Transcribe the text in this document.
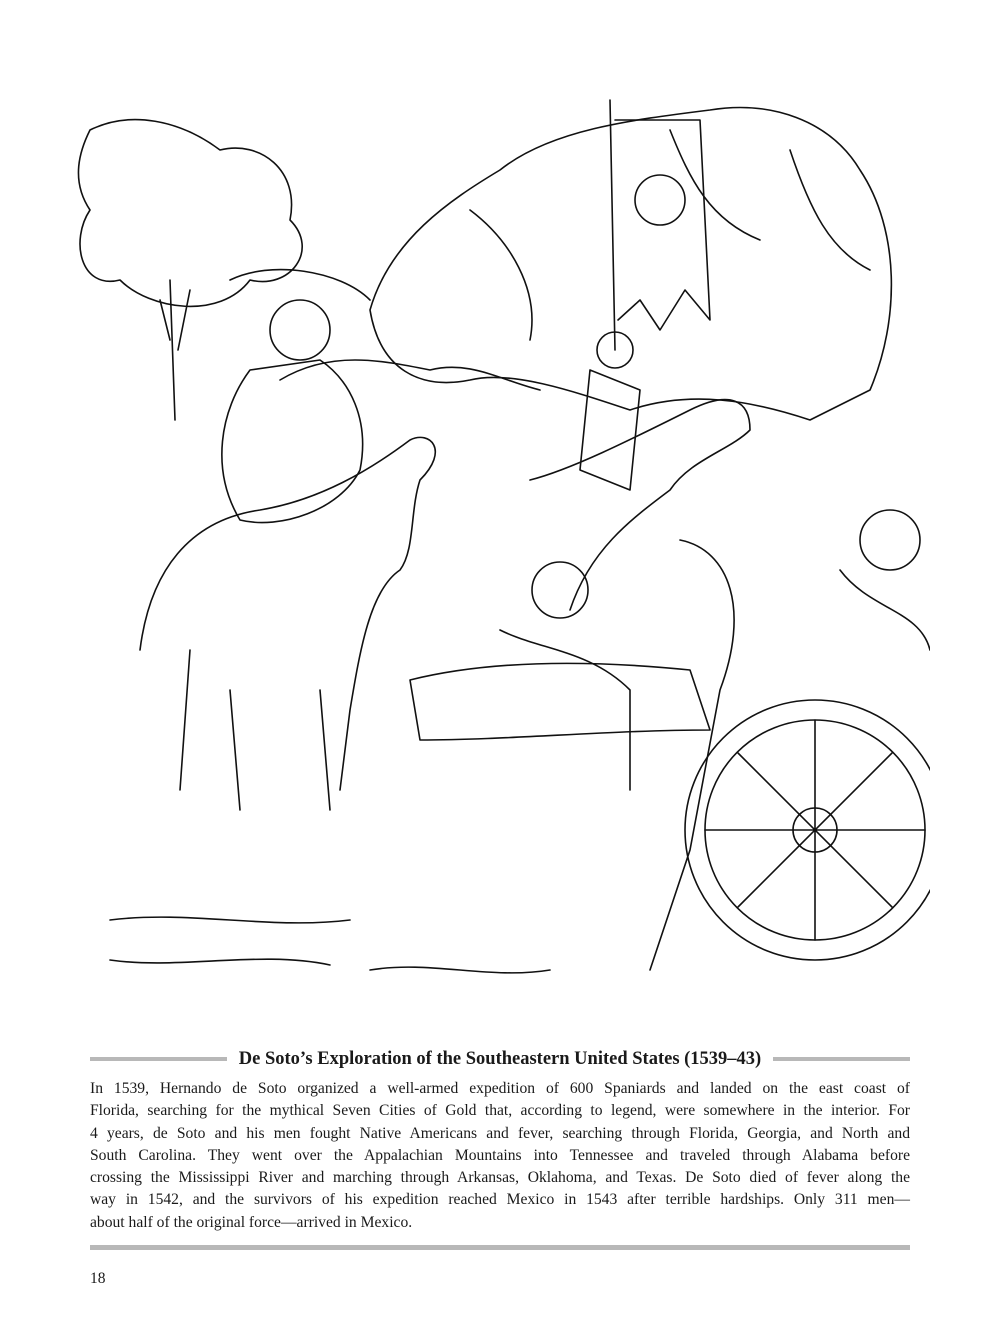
De Soto’s Exploration of the Southeastern United States (1539–43)
In 1539, Hernando de Soto organized a well-armed expedition of 600 Spaniards and landed on the east coast of
Florida, searching for the mythical Seven Cities of Gold that, according to legend, were somewhere in the interior. For
4 years, de Soto and his men fought Native Americans and fever, searching through Florida, Georgia, and North and
South Carolina. They went over the Appalachian Mountains into Tennessee and traveled through Alabama before
crossing the Mississippi River and marching through Arkansas, Oklahoma, and Texas. De Soto died of fever along the
way in 1542, and the survivors of his expedition reached Mexico in 1543 after terrible hardships. Only 311 men—
about half of the original force—arrived in Mexico.
18
